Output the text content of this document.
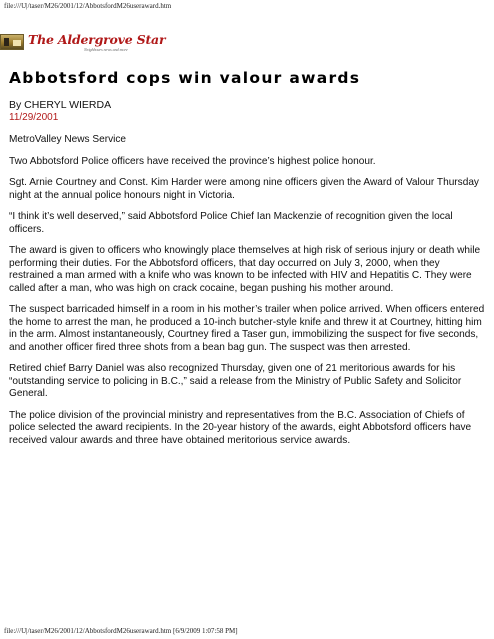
file:///U|/taser/M26/2001/12/AbbotsfordM26useraward.htm
The Aldergrove Star
Neighbours news and more
Abbotsford cops win valour awards
By CHERYL WIERDA
11/29/2001

MetroValley News Service

Two Abbotsford Police officers have received the province’s highest police honour.

Sgt. Arnie Courtney and Const. Kim Harder were among nine officers given the Award of Valour Thursday night at the annual police honours night in Victoria.

“I think it’s well deserved,” said Abbotsford Police Chief Ian Mackenzie of recognition given the local officers.

The award is given to officers who knowingly place themselves at high risk of serious injury or death while performing their duties. For the Abbotsford officers, that day occurred on July 3, 2000, when they restrained a man armed with a knife who was known to be infected with HIV and Hepatitis C. They were called after a man, who was high on crack cocaine, began pushing his mother around.

The suspect barricaded himself in a room in his mother’s trailer when police arrived. When officers entered the home to arrest the man, he produced a 10-inch butcher-style knife and threw it at Courtney, hitting him in the arm. Almost instantaneously, Courtney fired a Taser gun, immobilizing the suspect for five seconds, and another officer fired three shots from a bean bag gun. The suspect was then arrested.

Retired chief Barry Daniel was also recognized Thursday, given one of 21 meritorious awards for his “outstanding service to policing in B.C.,” said a release from the Ministry of Public Safety and Solicitor General.

The police division of the provincial ministry and representatives from the B.C. Association of Chiefs of police selected the award recipients. In the 20-year history of the awards, eight Abbotsford officers have received valour awards and three have obtained meritorious service awards.

file:///U|/taser/M26/2001/12/AbbotsfordM26useraward.htm [6/9/2009 1:07:58 PM]
